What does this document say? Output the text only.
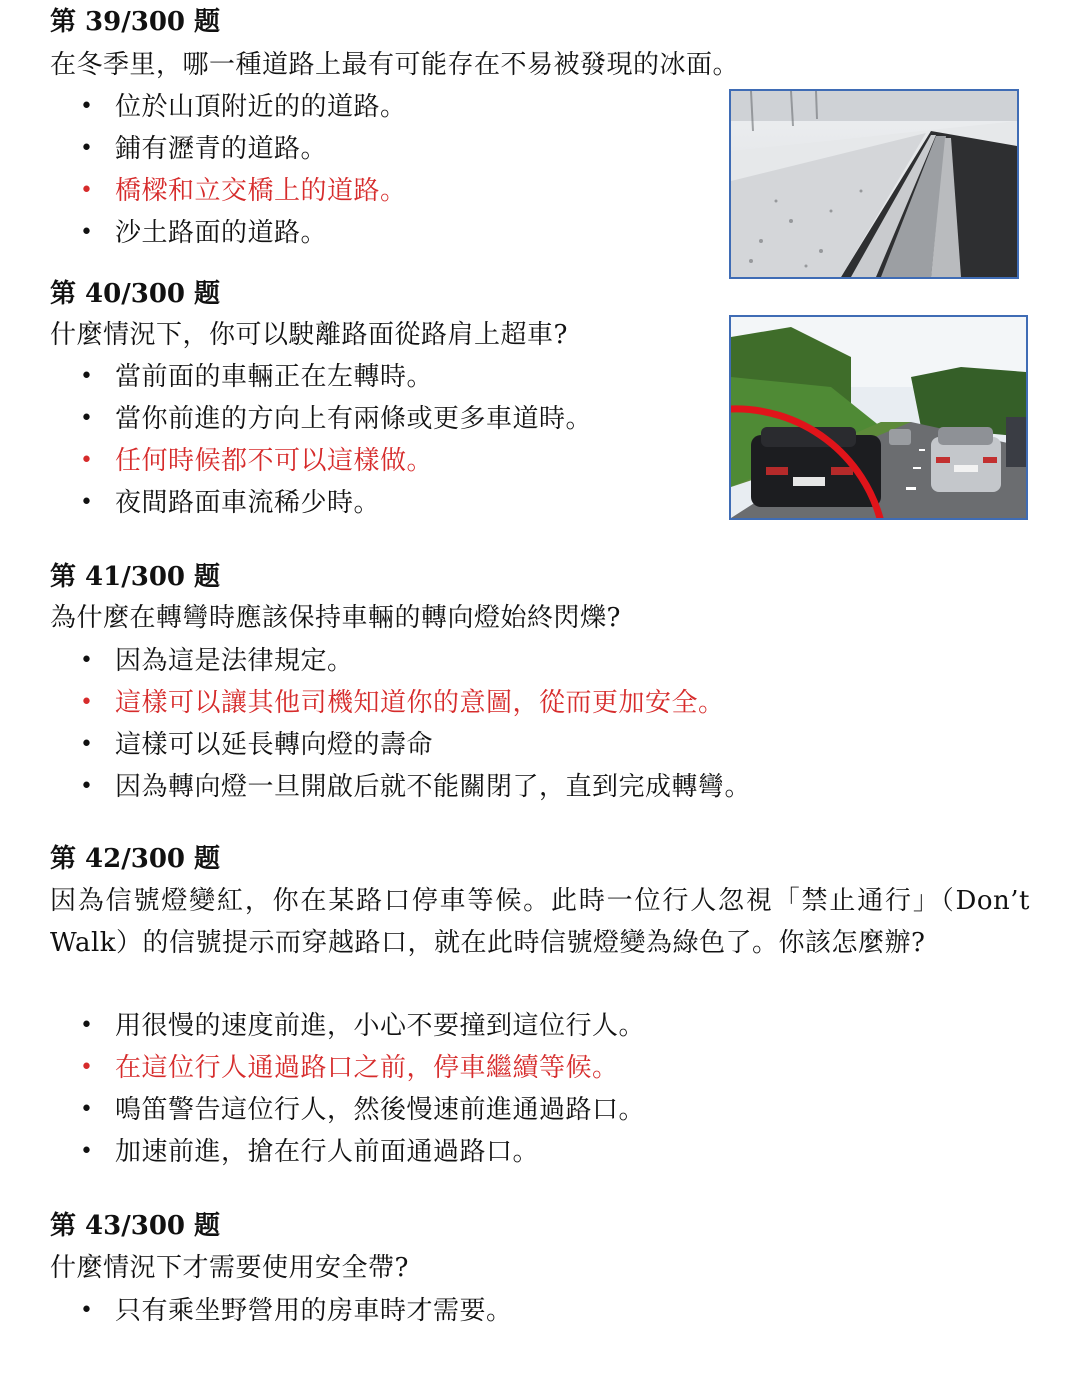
第 39/300 题

在冬季里，哪一種道路上最有可能存在不易被發現的冰面。

• 位於山頂附近的的道路。
• 鋪有瀝青的道路。
• 橋樑和立交橋上的道路。
• 沙土路面的道路。
第 40/300 题

什麼情況下，你可以駛離路面從路肩上超車?

• 當前面的車輛正在左轉時。
• 當你前進的方向上有兩條或更多車道時。
• 任何時候都不可以這樣做。
• 夜間路面車流稀少時。
第 41/300 题

為什麼在轉彎時應該保持車輛的轉向燈始終閃爍?

• 因為這是法律規定。
• 這樣可以讓其他司機知道你的意圖，從而更加安全。
• 這樣可以延長轉向燈的壽命
• 因為轉向燈一旦開啟后就不能關閉了，直到完成轉彎。
第 42/300 题

因為信號燈變紅，你在某路口停車等候。此時一位行人忽視「禁止通行」（Don’t Walk）的信號提示而穿越路口，就在此時信號燈變為綠色了。你該怎麼辦?

• 用很慢的速度前進，小心不要撞到這位行人。
• 在這位行人通過路口之前，停車繼續等候。
• 鳴笛警告這位行人，然後慢速前進通過路口。
• 加速前進，搶在行人前面通過路口。
第 43/300 题

什麼情況下才需要使用安全帶?

• 只有乘坐野營用的房車時才需要。
